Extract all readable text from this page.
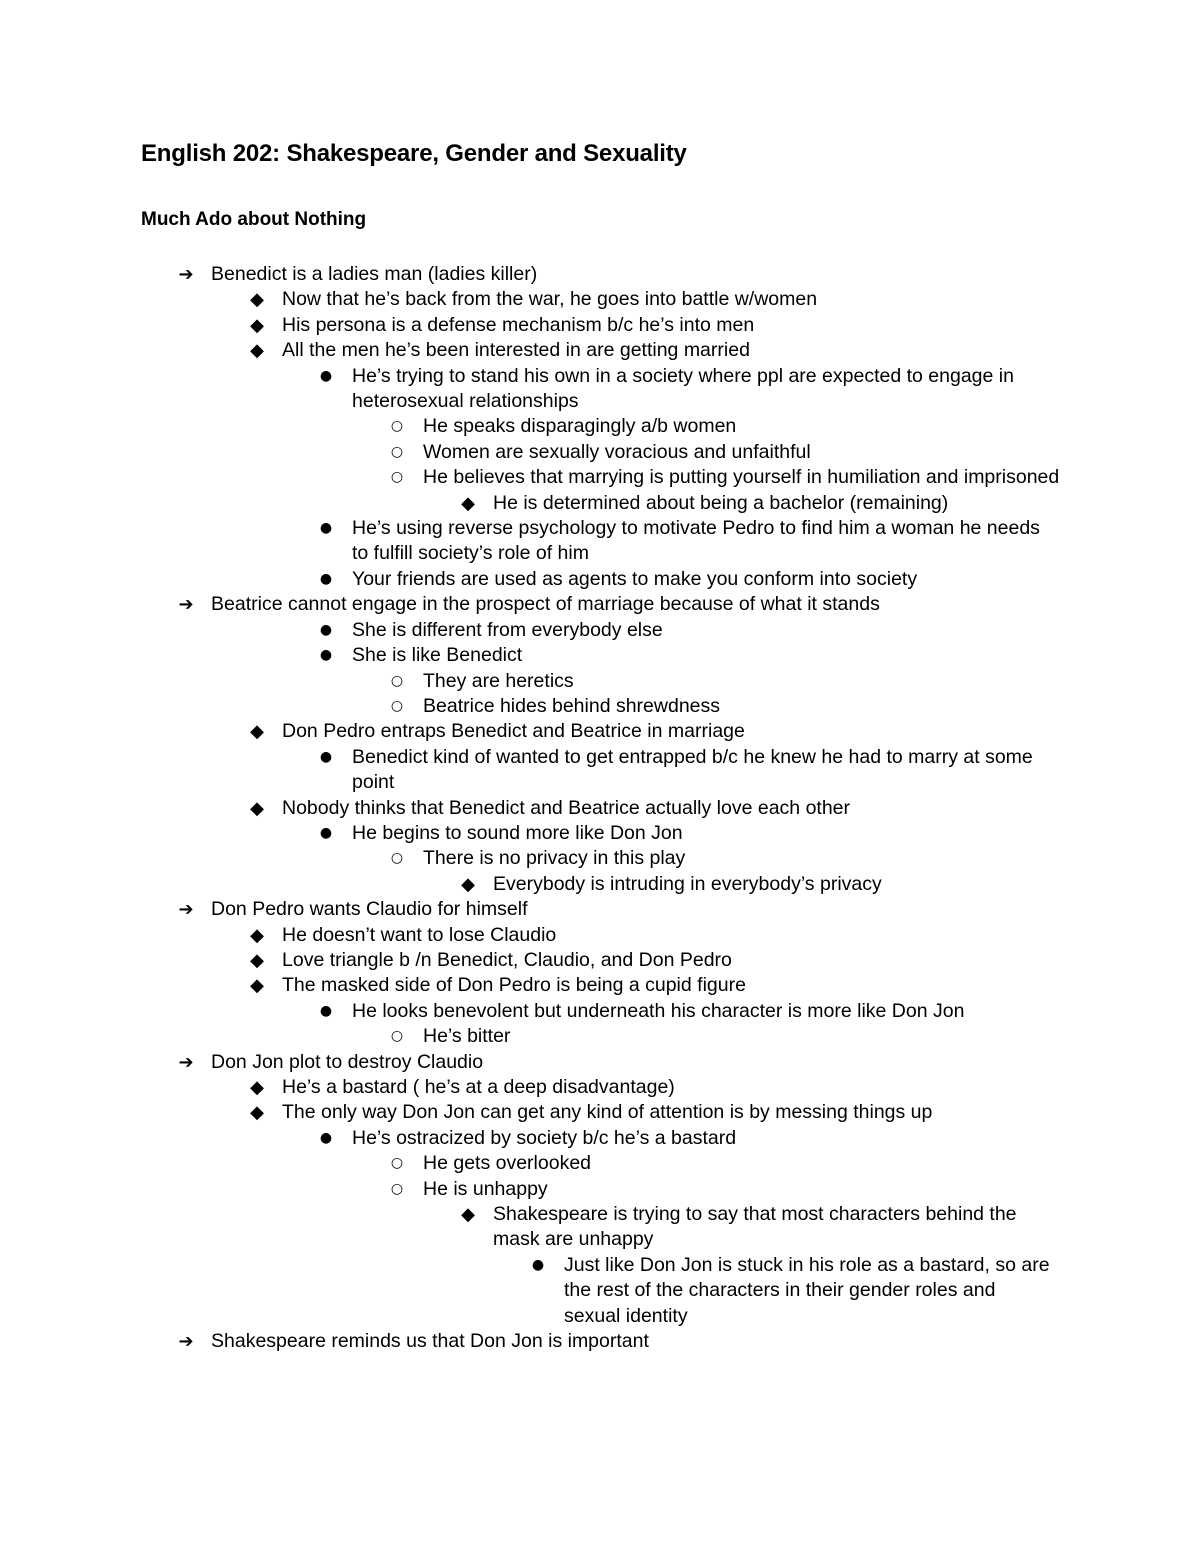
English 202: Shakespeare, Gender and Sexuality
Much Ado about Nothing
➔ Benedict is a ladies man (ladies killer)
◆ Now that he’s back from the war, he goes into battle w/women
◆ His persona is a defense mechanism b/c he’s into men
◆ All the men he’s been interested in are getting married
● He’s trying to stand his own in a society where ppl are expected to engage in heterosexual relationships
○ He speaks disparagingly a/b women
○ Women are sexually voracious and unfaithful
○ He believes that marrying is putting yourself in humiliation and imprisoned
◆ He is determined about being a bachelor (remaining)
● He’s using reverse psychology to motivate Pedro to find him a woman he needs to fulfill society’s role of him
● Your friends are used as agents to make you conform into society
➔ Beatrice cannot engage in the prospect of marriage because of what it stands
● She is different from everybody else
● She is like Benedict
○ They are heretics
○ Beatrice hides behind shrewdness
◆ Don Pedro entraps Benedict and Beatrice in marriage
● Benedict kind of wanted to get entrapped b/c he knew he had to marry at some point
◆ Nobody thinks that Benedict and Beatrice actually love each other
● He begins to sound more like Don Jon
○ There is no privacy in this play
◆ Everybody is intruding in everybody’s privacy
➔ Don Pedro wants Claudio for himself
◆ He doesn’t want to lose Claudio
◆ Love triangle b /n Benedict, Claudio, and Don Pedro
◆ The masked side of Don Pedro is being a cupid figure
● He looks benevolent but underneath his character is more like Don Jon
○ He’s bitter
➔ Don Jon plot to destroy Claudio
◆ He’s a bastard ( he’s at a deep disadvantage)
◆ The only way Don Jon can get any kind of attention is by messing things up
● He’s ostracized by society b/c he’s a bastard
○ He gets overlooked
○ He is unhappy
◆ Shakespeare is trying to say that most characters behind the mask are unhappy
● Just like Don Jon is stuck in his role as a bastard, so are the rest of the characters in their gender roles and sexual identity
➔ Shakespeare reminds us that Don Jon is important
